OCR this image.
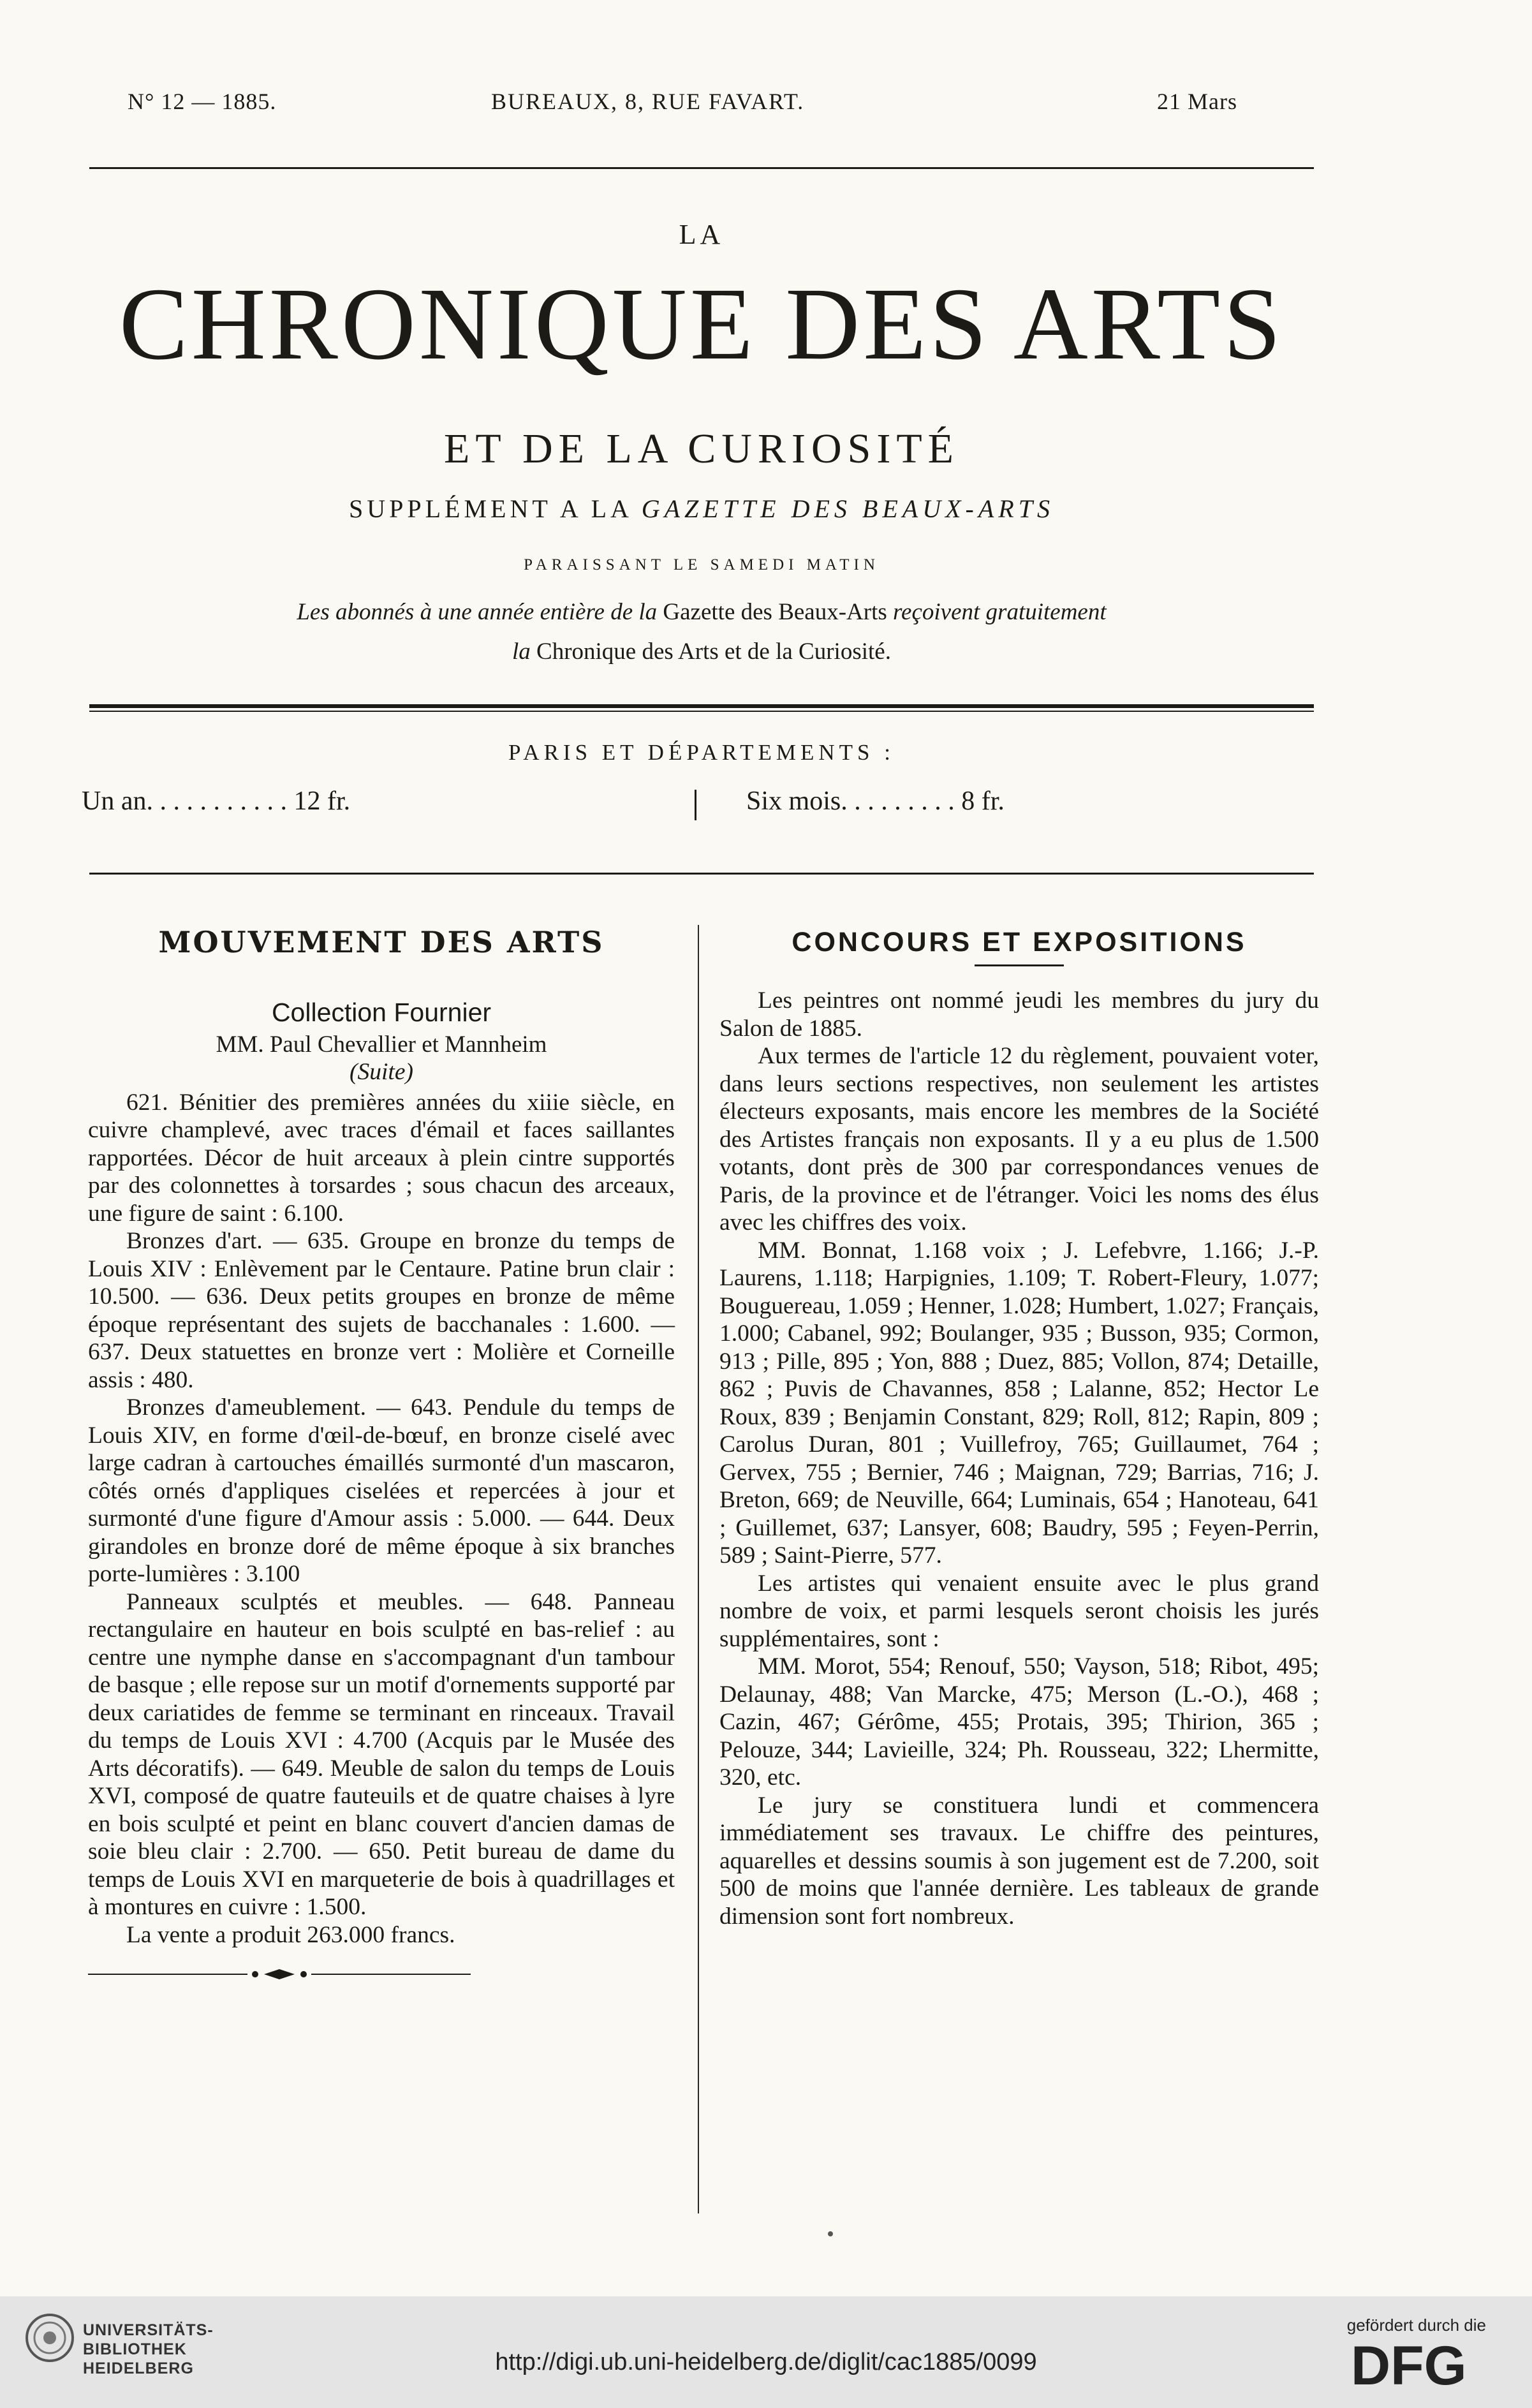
N° 12 — 1885.	BUREAUX, 8, RUE FAVART.	21 Mars
LA
CHRONIQUE DES ARTS
ET DE LA CURIOSITÉ
SUPPLÉMENT A LA GAZETTE DES BEAUX-ARTS
PARAISSANT LE SAMEDI MATIN
Les abonnés à une année entière de la Gazette des Beaux-Arts reçoivent gratuitement
la Chronique des Arts et de la Curiosité.
PARIS ET DÉPARTEMENTS :
Un an. . . . . . . . . . . 12 fr.	Six mois. . . . . . . . . 8 fr.
MOUVEMENT DES ARTS
Collection Fournier
MM. Paul Chevallier et Mannheim
(Suite)

621. Bénitier des premières années du xiiie siècle, en cuivre champlevé, avec traces d'émail et faces saillantes rapportées. Décor de huit arceaux à plein cintre supportés par des colonnettes à torsardes ; sous chacun des arceaux, une figure de saint : 6.100.

Bronzes d'art. — 635. Groupe en bronze du temps de Louis XIV : Enlèvement par le Centaure. Patine brun clair : 10.500. — 636. Deux petits groupes en bronze de même époque représentant des sujets de bacchanales : 1.600. — 637. Deux statuettes en bronze vert : Molière et Corneille assis : 480.

Bronzes d'ameublement. — 643. Pendule du temps de Louis XIV, en forme d'œil-de-bœuf, en bronze ciselé avec large cadran à cartouches émaillés surmonté d'un mascaron, côtés ornés d'appliques ciselées et repercées à jour et surmonté d'une figure d'Amour assis : 5.000. — 644. Deux girandoles en bronze doré de même époque à six branches porte-lumières : 3.100

Panneaux sculptés et meubles. — 648. Panneau rectangulaire en hauteur en bois sculpté en bas-relief : au centre une nymphe danse en s'accompagnant d'un tambour de basque ; elle repose sur un motif d'ornements supporté par deux cariatides de femme se terminant en rinceaux. Travail du temps de Louis XVI : 4.700 (Acquis par le Musée des Arts décoratifs). — 649. Meuble de salon du temps de Louis XVI, composé de quatre fauteuils et de quatre chaises à lyre en bois sculpté et peint en blanc couvert d'ancien damas de soie bleu clair : 2.700. — 650. Petit bureau de dame du temps de Louis XVI en marqueterie de bois à quadrillages et à montures en cuivre : 1.500.

La vente a produit 263.000 francs.

CONCOURS ET EXPOSITIONS

Les peintres ont nommé jeudi les membres du jury du Salon de 1885.

Aux termes de l'article 12 du règlement, pouvaient voter, dans leurs sections respectives, non seulement les artistes électeurs exposants, mais encore les membres de la Société des Artistes français non exposants. Il y a eu plus de 1.500 votants, dont près de 300 par correspondances venues de Paris, de la province et de l'étranger. Voici les noms des élus avec les chiffres des voix.

MM. Bonnat, 1.168 voix ; J. Lefebvre, 1.166; J.-P. Laurens, 1.118; Harpignies, 1.109; T. Robert-Fleury, 1.077; Bouguereau, 1.059 ; Henner, 1.028; Humbert, 1.027; Français, 1.000; Cabanel, 992; Boulanger, 935 ; Busson, 935; Cormon, 913 ; Pille, 895 ; Yon, 888 ; Duez, 885; Vollon, 874; Detaille, 862 ; Puvis de Chavannes, 858 ; Lalanne, 852; Hector Le Roux, 839 ; Benjamin Constant, 829; Roll, 812; Rapin, 809 ; Carolus Duran, 801 ; Vuillefroy, 765; Guillaumet, 764 ; Gervex, 755 ; Bernier, 746 ; Maignan, 729; Barrias, 716; J. Breton, 669; de Neuville, 664; Luminais, 654 ; Hanoteau, 641 ; Guillemet, 637; Lansyer, 608; Baudry, 595 ; Feyen-Perrin, 589 ; Saint-Pierre, 577.

Les artistes qui venaient ensuite avec le plus grand nombre de voix, et parmi lesquels seront choisis les jurés supplémentaires, sont :

MM. Morot, 554; Renouf, 550; Vayson, 518; Ribot, 495; Delaunay, 488; Van Marcke, 475; Merson (L.-O.), 468 ; Cazin, 467; Gérôme, 455; Protais, 395; Thirion, 365 ; Pelouze, 344; Lavieille, 324; Ph. Rousseau, 322; Lhermitte, 320, etc.

Le jury se constituera lundi et commencera immédiatement ses travaux. Le chiffre des peintures, aquarelles et dessins soumis à son jugement est de 7.200, soit 500 de moins que l'année dernière. Les tableaux de grande dimension sont fort nombreux.

UNIVERSITÄTS-
BIBLIOTHEK
HEIDELBERG	http://digi.ub.uni-heidelberg.de/diglit/cac1885/0099
gefördert durch die
DFG
